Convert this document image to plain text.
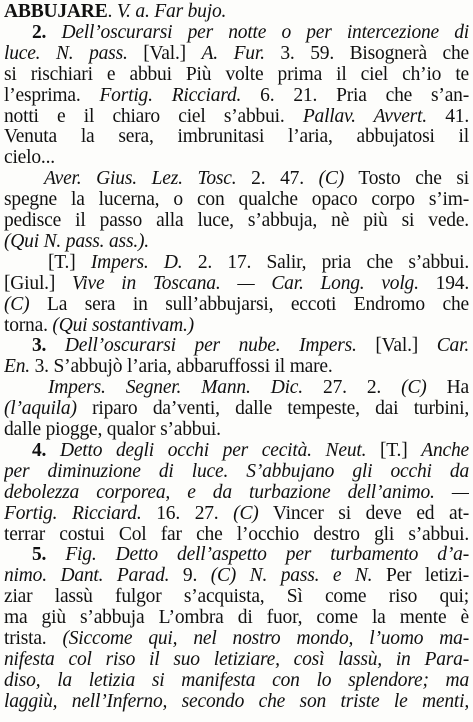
ABBUJARE. V. a. Far bujo.
2. Dell’oscurarsi per notte o per intercezione di
luce. N. pass. [Val.] A. Fur. 3. 59. Bisognerà che
si rischiari e abbui Più volte prima il ciel ch’io te
l’esprima. Fortig. Ricciard. 6. 21. Pria che s’an-
notti e il chiaro ciel s’abbui. Pallav. Avvert. 41.
Venuta la sera, imbrunitasi l’aria, abbujatosi il
cielo...
Aver. Gius. Lez. Tosc. 2. 47. (C) Tosto che si
spegne la lucerna, o con qualche opaco corpo s’im-
pedisce il passo alla luce, s’abbuja, nè più si vede.
(Qui N. pass. ass.).
[T.] Impers. D. 2. 17. Salir, pria che s’abbui.
[Giul.] Vive in Toscana. — Car. Long. volg. 194.
(C) La sera in sull’abbujarsi, eccoti Endromo che
torna. (Qui sostantivam.)
3. Dell’oscurarsi per nube. Impers. [Val.] Car.
En. 3. S’abbujò l’aria, abbaruffossi il mare.
Impers. Segner. Mann. Dic. 27. 2. (C) Ha
(l’aquila) riparo da’venti, dalle tempeste, dai turbini,
dalle piogge, qualor s’abbui.
4. Detto degli occhi per cecità. Neut. [T.] Anche
per diminuzione di luce. S’abbujano gli occhi da
debolezza corporea, e da turbazione dell’animo. —
Fortig. Ricciard. 16. 27. (C) Vincer si deve ed at-
terrar costui Col far che l’occhio destro gli s’abbui.
5. Fig. Detto dell’aspetto per turbamento d’a-
nimo. Dant. Parad. 9. (C) N. pass. e N. Per letizi-
ziar lassù fulgor s’acquista, Sì come riso qui;
ma giù s’abbuja L’ombra di fuor, come la mente è
trista. (Siccome qui, nel nostro mondo, l’uomo ma-
nifesta col riso il suo letiziare, così lassù, in Para-
diso, la letizia si manifesta con lo splendore; ma
laggiù, nell’Inferno, secondo che son triste le menti,
